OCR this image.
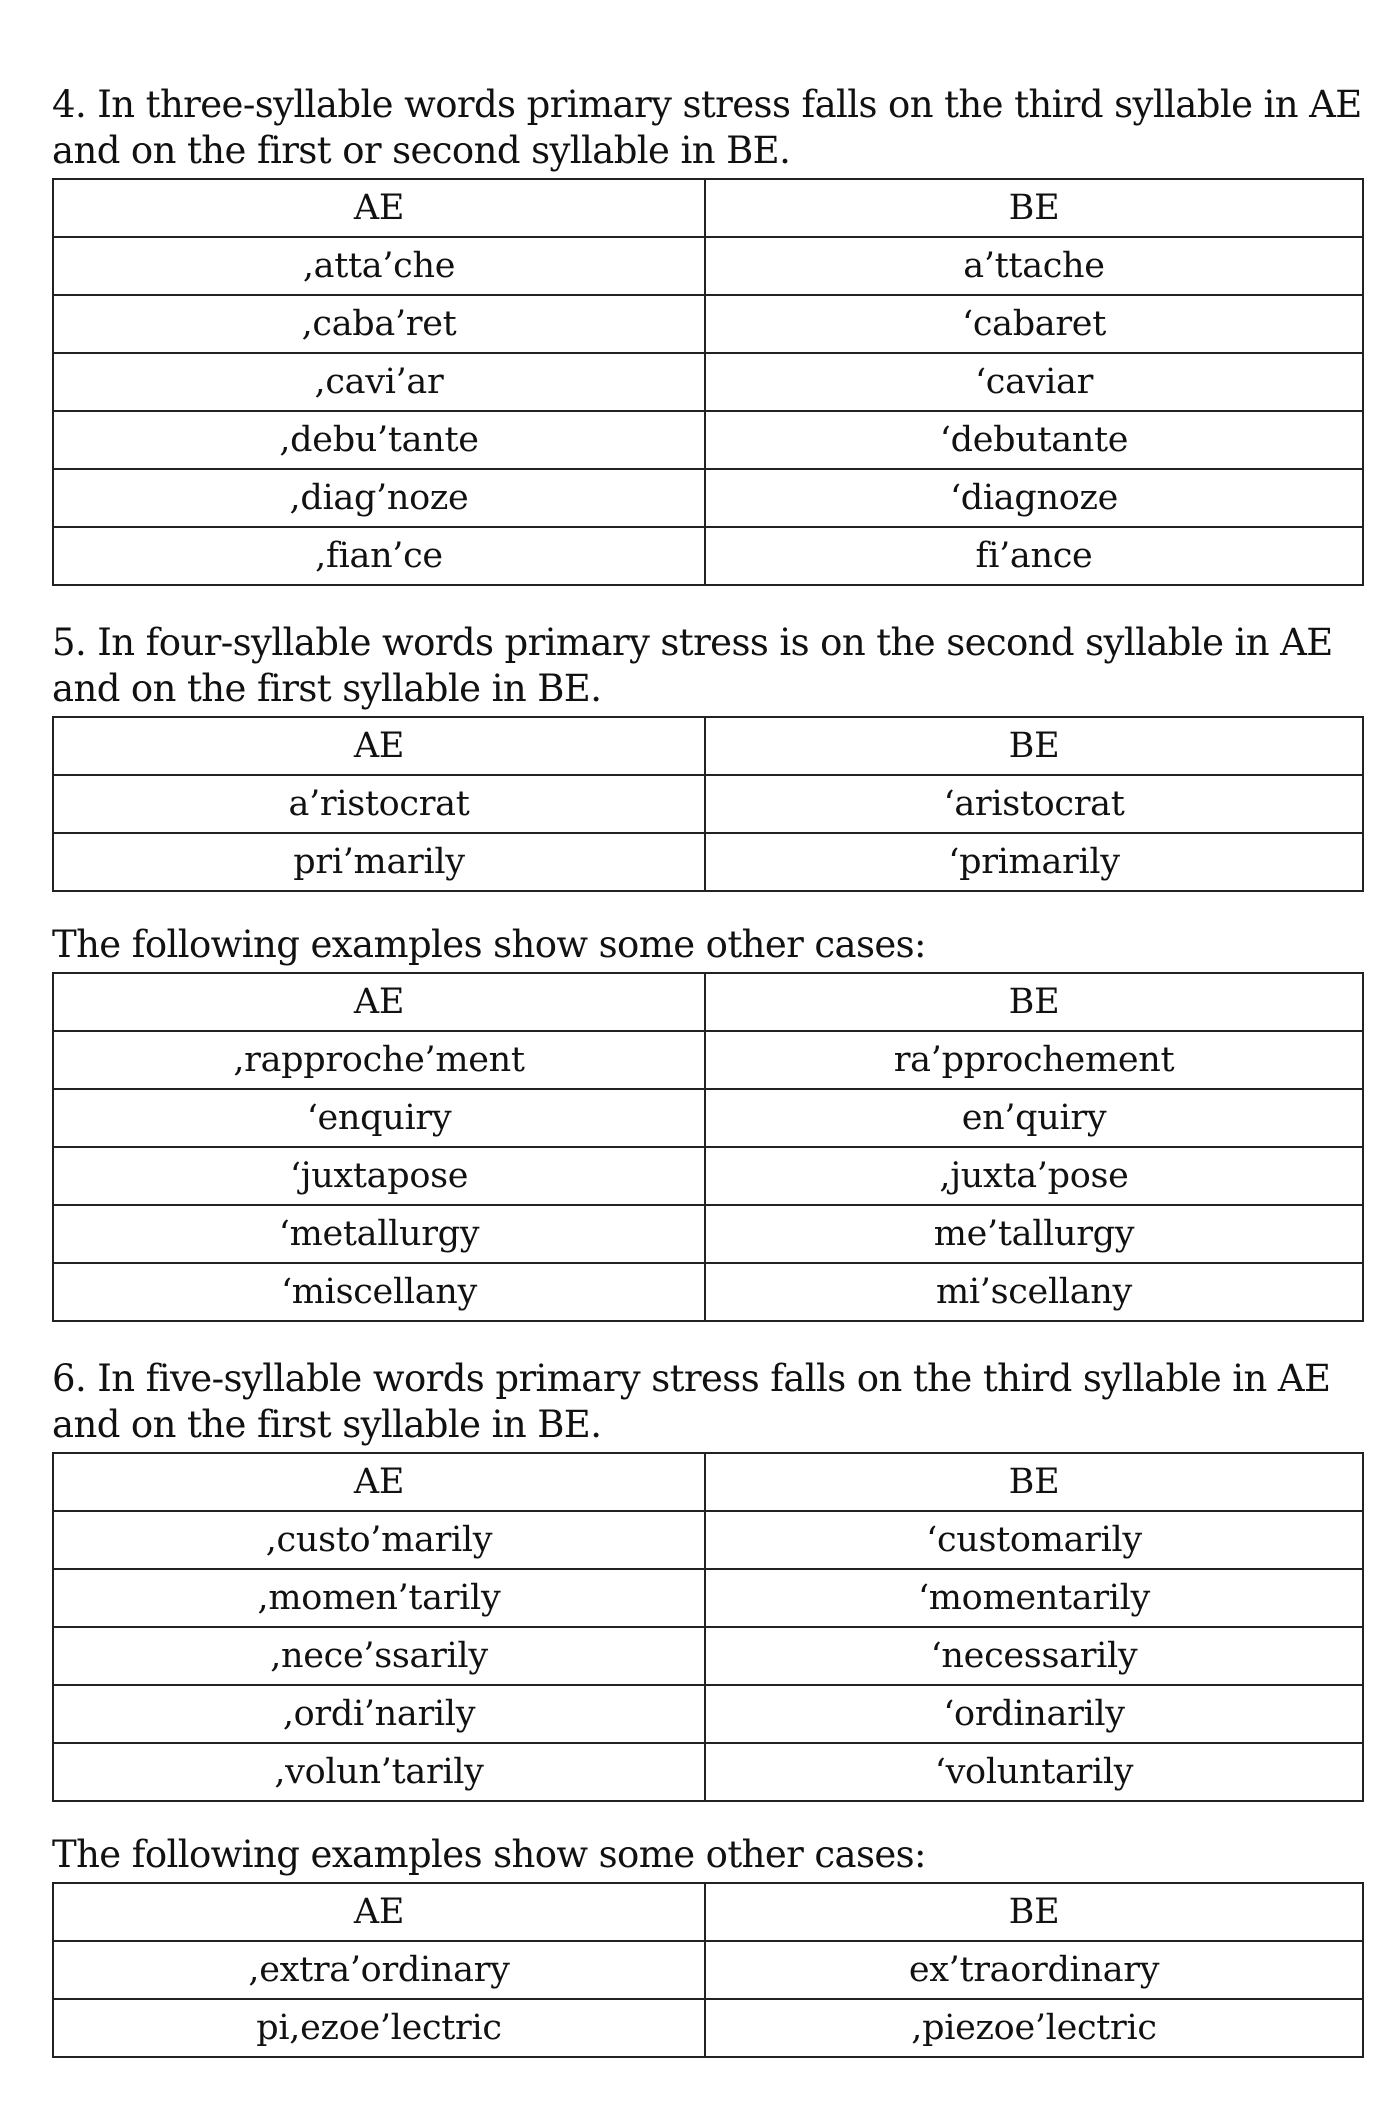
4. In three-syllable words primary stress falls on the third syllable in AE and on the first or second syllable in BE.

AE	BE
,atta’che	a’ttache
,caba’ret	‘cabaret
,cavi’ar	‘caviar
,debu’tante	‘debutante
,diag’noze	‘diagnoze
,fian’ce	fi’ance

5. In four-syllable words primary stress is on the second syllable in AE and on the first syllable in BE.

AE	BE
a’ristocrat	‘aristocrat
pri’marily	‘primarily

The following examples show some other cases:

AE	BE
,rapproche’ment	ra’pprochement
‘enquiry	en’quiry
‘juxtapose	,juxta’pose
‘metallurgy	me’tallurgy
‘miscellany	mi’scellany

6. In five-syllable words primary stress falls on the third syllable in AE and on the first syllable in BE.

AE	BE
,custo’marily	‘customarily
,momen’tarily	‘momentarily
,nece’ssarily	‘necessarily
,ordi’narily	‘ordinarily
,volun’tarily	‘voluntarily

The following examples show some other cases:

AE	BE
,extra’ordinary	ex’traordinary
pi,ezoe’lectric	,piezoe’lectric
